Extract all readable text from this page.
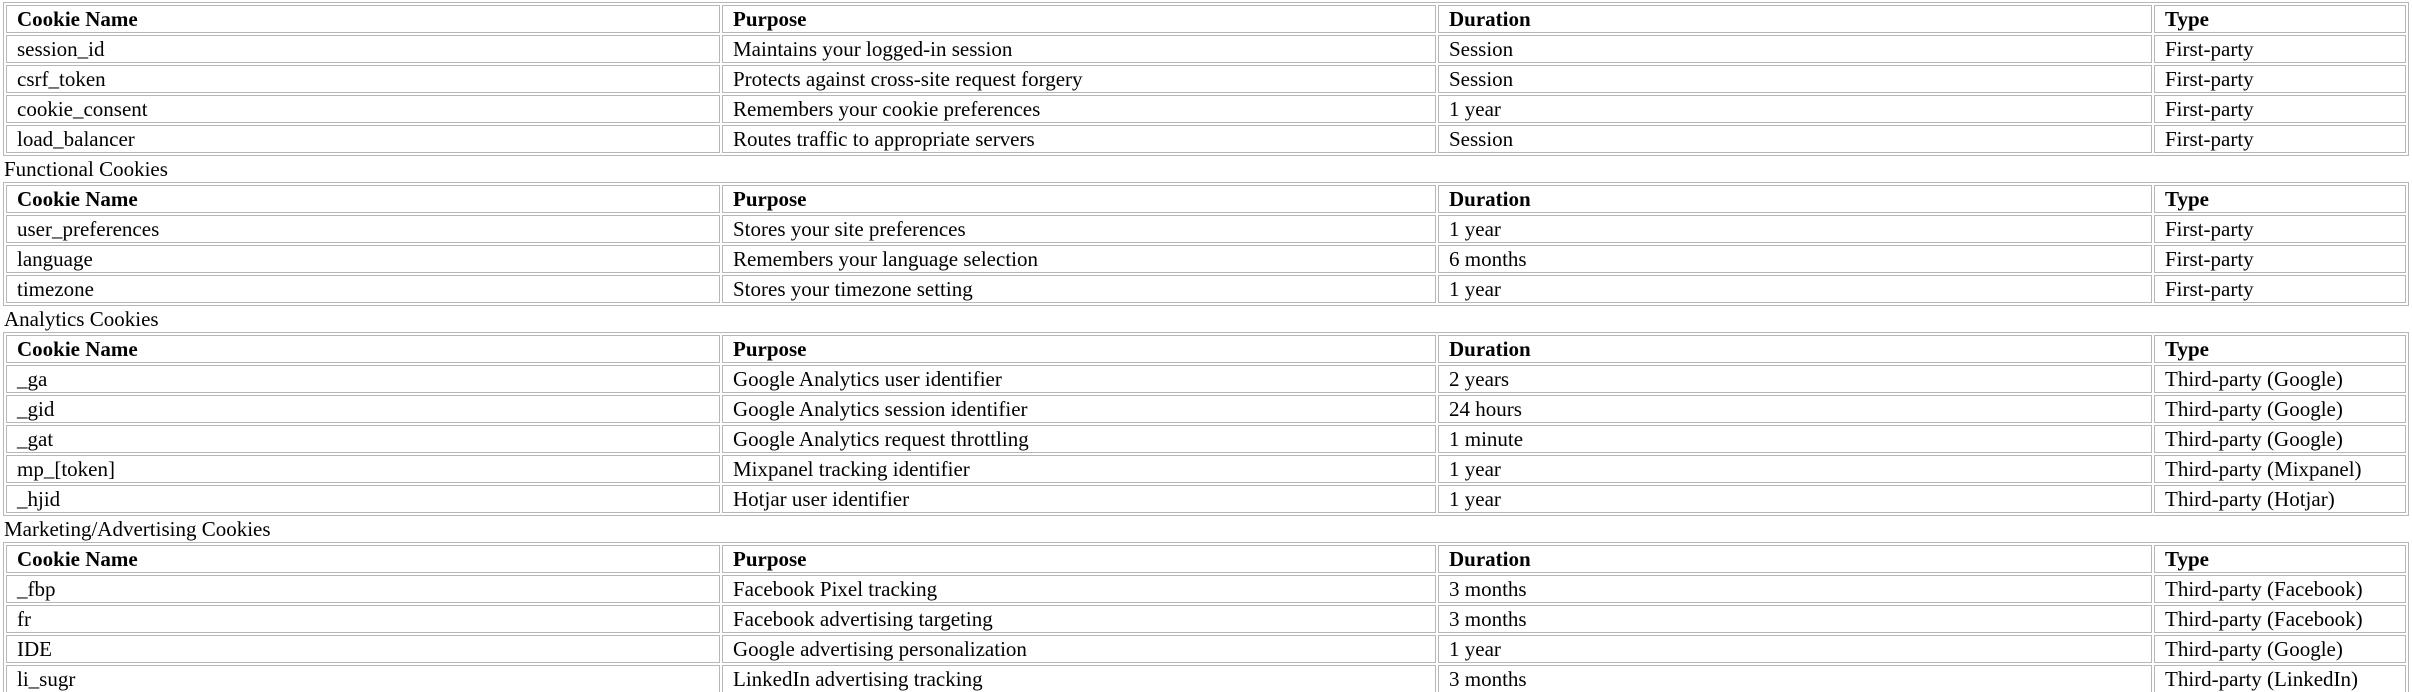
Cookie Name	Purpose	Duration	Type
session_id	Maintains your logged-in session	Session	First-party
csrf_token	Protects against cross-site request forgery	Session	First-party
cookie_consent	Remembers your cookie preferences	1 year	First-party
load_balancer	Routes traffic to appropriate servers	Session	First-party
Functional Cookies
Cookie Name	Purpose	Duration	Type
user_preferences	Stores your site preferences	1 year	First-party
language	Remembers your language selection	6 months	First-party
timezone	Stores your timezone setting	1 year	First-party
Analytics Cookies
Cookie Name	Purpose	Duration	Type
_ga	Google Analytics user identifier	2 years	Third-party (Google)
_gid	Google Analytics session identifier	24 hours	Third-party (Google)
_gat	Google Analytics request throttling	1 minute	Third-party (Google)
mp_[token]	Mixpanel tracking identifier	1 year	Third-party (Mixpanel)
_hjid	Hotjar user identifier	1 year	Third-party (Hotjar)
Marketing/Advertising Cookies
Cookie Name	Purpose	Duration	Type
_fbp	Facebook Pixel tracking	3 months	Third-party (Facebook)
fr	Facebook advertising targeting	3 months	Third-party (Facebook)
IDE	Google advertising personalization	1 year	Third-party (Google)
li_sugr	LinkedIn advertising tracking	3 months	Third-party (LinkedIn)
